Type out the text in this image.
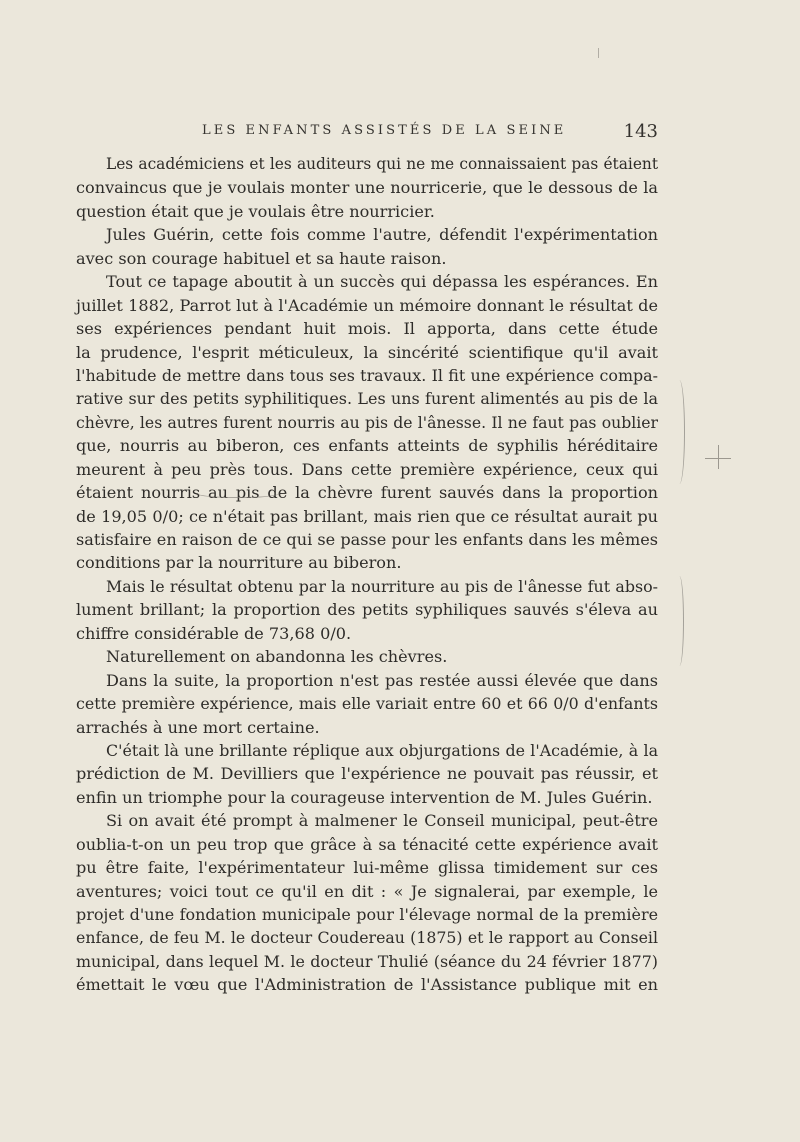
LES ENFANTS ASSISTÉS DE LA SEINE	143
Les académiciens et les auditeurs qui ne me connaissaient pas étaient
convaincus que je voulais monter une nourricerie, que le dessous de la
question était que je voulais être nourricier.
Jules Guérin, cette fois comme l'autre, défendit l'expérimentation
avec son courage habituel et sa haute raison.
Tout ce tapage aboutit à un succès qui dépassa les espérances. En
juillet 1882, Parrot lut à l'Académie un mémoire donnant le résultat de
ses expériences pendant huit mois. Il apporta, dans cette étude
la prudence, l'esprit méticuleux, la sincérité scientifique qu'il avait
l'habitude de mettre dans tous ses travaux. Il fit une expérience compa-
rative sur des petits syphilitiques. Les uns furent alimentés au pis de la
chèvre, les autres furent nourris au pis de l'ânesse. Il ne faut pas oublier
que, nourris au biberon, ces enfants atteints de syphilis héréditaire
meurent à peu près tous. Dans cette première expérience, ceux qui
étaient nourris au pis de la chèvre furent sauvés dans la proportion
de 19,05 0/0; ce n'était pas brillant, mais rien que ce résultat aurait pu
satisfaire en raison de ce qui se passe pour les enfants dans les mêmes
conditions par la nourriture au biberon.
Mais le résultat obtenu par la nourriture au pis de l'ânesse fut abso-
lument brillant; la proportion des petits syphiliques sauvés s'éleva au
chiffre considérable de 73,68 0/0.
Naturellement on abandonna les chèvres.
Dans la suite, la proportion n'est pas restée aussi élevée que dans
cette première expérience, mais elle variait entre 60 et 66 0/0 d'enfants
arrachés à une mort certaine.
C'était là une brillante réplique aux objurgations de l'Académie, à la
prédiction de M. Devilliers que l'expérience ne pouvait pas réussir, et
enfin un triomphe pour la courageuse intervention de M. Jules Guérin.
Si on avait été prompt à malmener le Conseil municipal, peut-être
oublia-t-on un peu trop que grâce à sa ténacité cette expérience avait
pu être faite, l'expérimentateur lui-même glissa timidement sur ces
aventures; voici tout ce qu'il en dit : « Je signalerai, par exemple, le
projet d'une fondation municipale pour l'élevage normal de la première
enfance, de feu M. le docteur Coudereau (1875) et le rapport au Conseil
municipal, dans lequel M. le docteur Thulié (séance du 24 février 1877)
émettait le vœu que l'Administration de l'Assistance publique mit en
